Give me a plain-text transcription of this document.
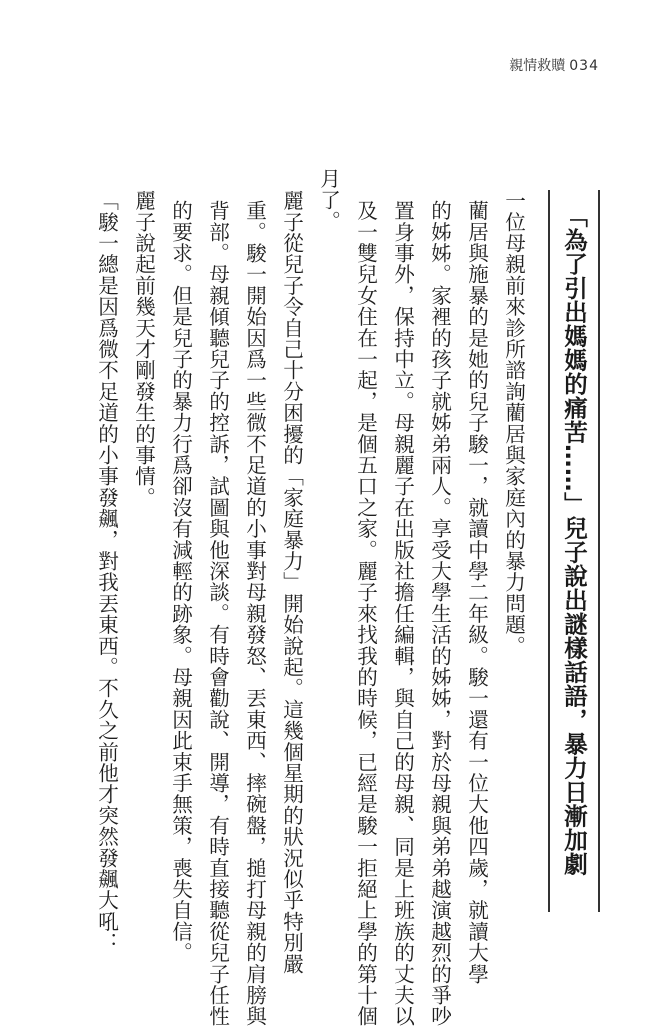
親情救贖 034
「為了引出媽媽的痛苦……」兒子說出謎樣話語，暴力日漸加劇
一位母親前來診所諮詢藺居與家庭內的暴力問題。
藺居與施暴的是她的兒子駿一，就讀中學二年級。駿一還有一位大他四歲，就讀大學
的姊姊。家裡的孩子就姊弟兩人。享受大學生活的姊姊，對於母親與弟弟越演越烈的爭吵
置身事外，保持中立。母親麗子在出版社擔任編輯，與自己的母親、同是上班族的丈夫以
及一雙兒女住在一起，是個五口之家。麗子來找我的時候，已經是駿一拒絕上學的第十個
月了。
麗子從兒子令自己十分困擾的「家庭暴力」開始說起。這幾個星期的狀況似乎特別嚴
重。駿一開始因爲一些微不足道的小事對母親發怒、丟東西、摔碗盤，搥打母親的肩膀與
背部。母親傾聽兒子的控訴，試圖與他深談。有時會勸說、開導，有時直接聽從兒子任性
的要求。但是兒子的暴力行爲卻沒有減輕的跡象。母親因此束手無策，喪失自信。
麗子說起前幾天才剛發生的事情。
「駿一總是因爲微不足道的小事發飆，對我丟東西。不久之前他才突然發飆大吼：
